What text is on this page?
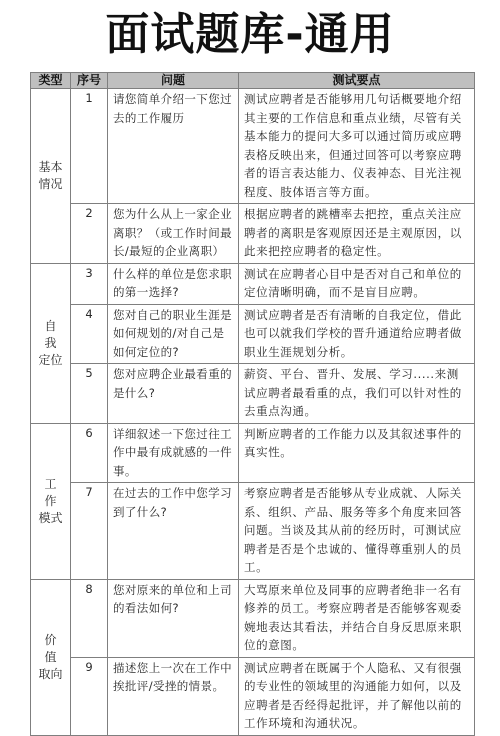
面试题库-通用
类型	序号	问题	测试要点
基本
情况	1	请您简单介绍一下您过去的工作履历	测试应聘者是否能够用几句话概要地介绍其主要的工作信息和重点业绩，尽管有关基本能力的提问大多可以通过简历或应聘表格反映出来，但通过回答可以考察应聘者的语言表达能力、仪表神态、目光注视程度、肢体语言等方面。
	2	您为什么从上一家企业离职？（或工作时间最长/最短的企业离职）	根据应聘者的跳槽率去把控，重点关注应聘者的离职是客观原因还是主观原因，以此来把控应聘者的稳定性。
自 我
定位	3	什么样的单位是您求职的第一选择?	测试在应聘者心目中是否对自己和单位的定位清晰明确，而不是盲目应聘。
	4	您对自己的职业生涯是如何规划的/对自己是如何定位的?	测试应聘者是否有清晰的自我定位，借此也可以就我们学校的晋升通道给应聘者做职业生涯规划分析。
	5	您对应聘企业最看重的是什么?	薪资、平台、晋升、发展、学习.....来测试应聘者最看重的点，我们可以针对性的去重点沟通。
工 作
模式	6	详细叙述一下您过往工作中最有成就感的一件事。	判断应聘者的工作能力以及其叙述事件的真实性。
	7	在过去的工作中您学习到了什么?	考察应聘者是否能够从专业成就、人际关系、组织、产品、服务等多个角度来回答问题。当谈及其从前的经历时，可测试应聘者是否是个忠诚的、懂得尊重别人的员工。
价 值
取向	8	您对原来的单位和上司的看法如何?	大骂原来单位及同事的应聘者绝非一名有修养的员工。考察应聘者是否能够客观委婉地表达其看法，并结合自身反思原来职位的意图。
	9	描述您上一次在工作中挨批评/受挫的情景。	测试应聘者在既属于个人隐私、又有很强的专业性的领域里的沟通能力如何，以及应聘者是否经得起批评，并了解他以前的工作环境和沟通状况。
